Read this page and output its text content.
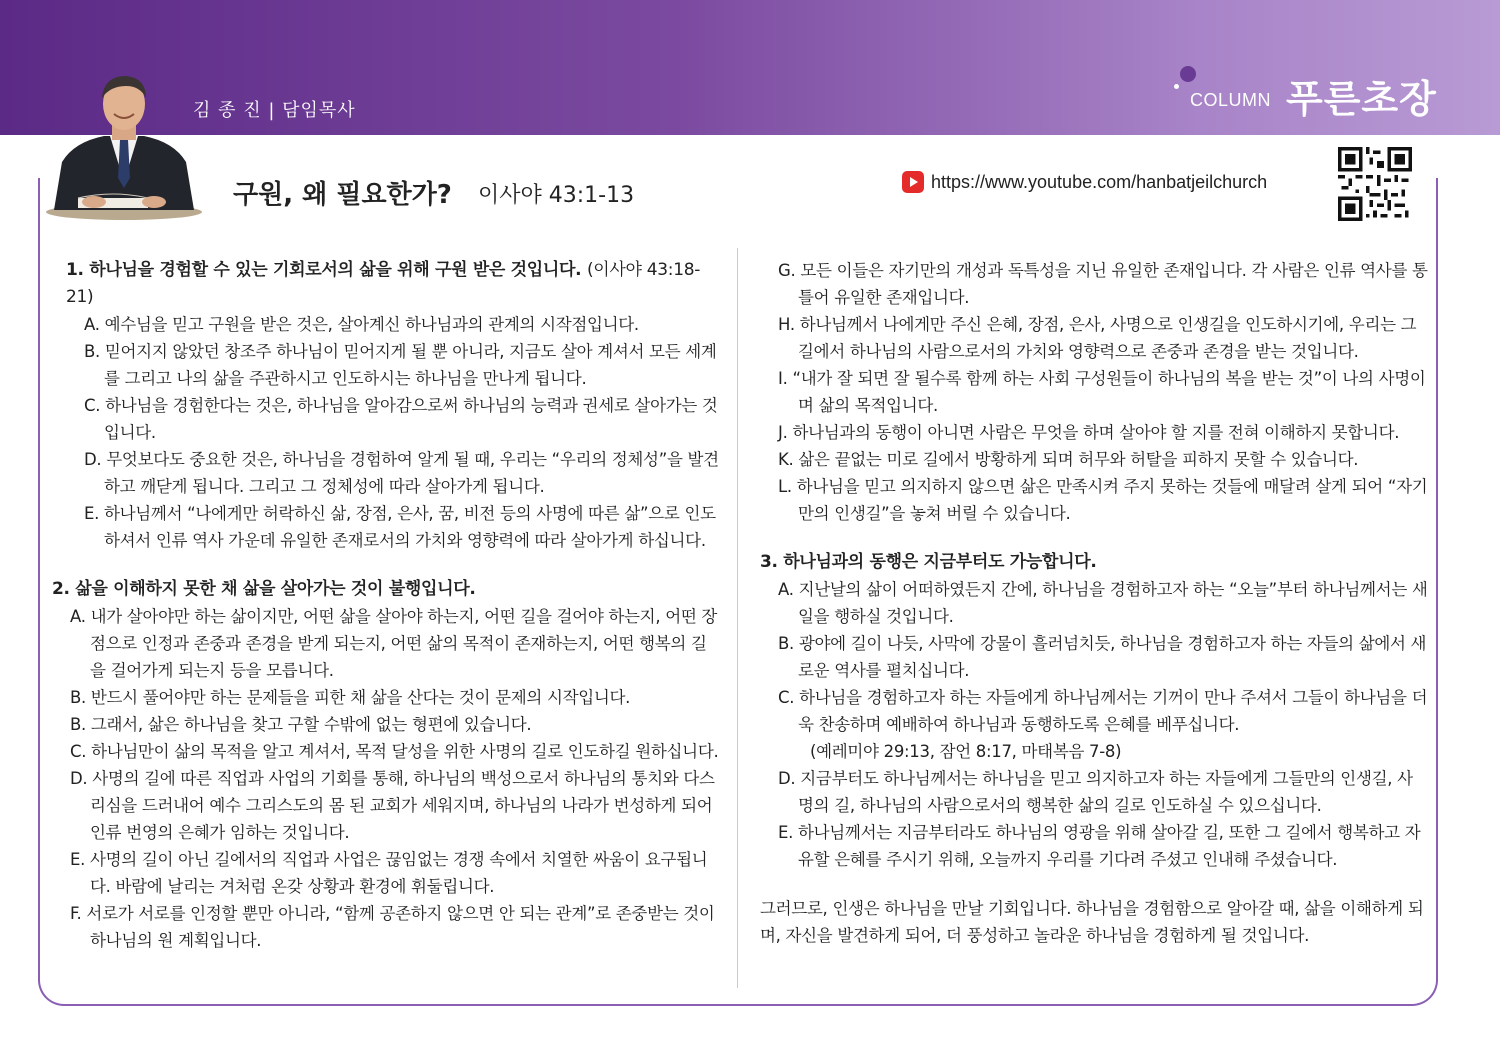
김 종 진 | 담임목사	COLUMN 푸른초장
구원, 왜 필요한가? 이사야 43:1-13
https://www.youtube.com/hanbatjeilchurch
1. 하나님을 경험할 수 있는 기회로서의 삶을 위해 구원 받은 것입니다. (이사야 43:18-21)
A. 예수님을 믿고 구원을 받은 것은, 살아계신 하나님과의 관계의 시작점입니다.
B. 믿어지지 않았던 창조주 하나님이 믿어지게 될 뿐 아니라, 지금도 살아 계셔서 모든 세계를 그리고 나의 삶을 주관하시고 인도하시는 하나님을 만나게 됩니다.
C. 하나님을 경험한다는 것은, 하나님을 알아감으로써 하나님의 능력과 권세로 살아가는 것입니다.
D. 무엇보다도 중요한 것은, 하나님을 경험하여 알게 될 때, 우리는 “우리의 정체성”을 발견하고 깨닫게 됩니다. 그리고 그 정체성에 따라 살아가게 됩니다.
E. 하나님께서 “나에게만 허락하신 삶, 장점, 은사, 꿈, 비전 등의 사명에 따른 삶”으로 인도하셔서 인류 역사 가운데 유일한 존재로서의 가치와 영향력에 따라 살아가게 하십니다.
2. 삶을 이해하지 못한 채 삶을 살아가는 것이 불행입니다.
A. 내가 살아야만 하는 삶이지만, 어떤 삶을 살아야 하는지, 어떤 길을 걸어야 하는지, 어떤 장점으로 인정과 존중과 존경을 받게 되는지, 어떤 삶의 목적이 존재하는지, 어떤 행복의 길을 걸어가게 되는지 등을 모릅니다.
B. 반드시 풀어야만 하는 문제들을 피한 채 삶을 산다는 것이 문제의 시작입니다.
B. 그래서, 삶은 하나님을 찾고 구할 수밖에 없는 형편에 있습니다.
C. 하나님만이 삶의 목적을 알고 계셔서, 목적 달성을 위한 사명의 길로 인도하길 원하십니다.
D. 사명의 길에 따른 직업과 사업의 기회를 통해, 하나님의 백성으로서 하나님의 통치와 다스리심을 드러내어 예수 그리스도의 몸 된 교회가 세워지며, 하나님의 나라가 번성하게 되어 인류 번영의 은혜가 임하는 것입니다.
E. 사명의 길이 아닌 길에서의 직업과 사업은 끊임없는 경쟁 속에서 치열한 싸움이 요구됩니다. 바람에 날리는 겨처럼 온갖 상황과 환경에 휘둘립니다.
F. 서로가 서로를 인정할 뿐만 아니라, “함께 공존하지 않으면 안 되는 관계”로 존중받는 것이 하나님의 원 계획입니다.
G. 모든 이들은 자기만의 개성과 독특성을 지닌 유일한 존재입니다. 각 사람은 인류 역사를 통틀어 유일한 존재입니다.
H. 하나님께서 나에게만 주신 은혜, 장점, 은사, 사명으로 인생길을 인도하시기에, 우리는 그 길에서 하나님의 사람으로서의 가치와 영향력으로 존중과 존경을 받는 것입니다.
I. “내가 잘 되면 잘 될수록 함께 하는 사회 구성원들이 하나님의 복을 받는 것”이 나의 사명이며 삶의 목적입니다.
J. 하나님과의 동행이 아니면 사람은 무엇을 하며 살아야 할 지를 전혀 이해하지 못합니다.
K. 삶은 끝없는 미로 길에서 방황하게 되며 허무와 허탈을 피하지 못할 수 있습니다.
L. 하나님을 믿고 의지하지 않으면 삶은 만족시켜 주지 못하는 것들에 매달려 살게 되어 “자기만의 인생길”을 놓쳐 버릴 수 있습니다.
3. 하나님과의 동행은 지금부터도 가능합니다.
A. 지난날의 삶이 어떠하였든지 간에, 하나님을 경험하고자 하는 “오늘”부터 하나님께서는 새 일을 행하실 것입니다.
B. 광야에 길이 나듯, 사막에 강물이 흘러넘치듯, 하나님을 경험하고자 하는 자들의 삶에서 새로운 역사를 펼치십니다.
C. 하나님을 경험하고자 하는 자들에게 하나님께서는 기꺼이 만나 주셔서 그들이 하나님을 더욱 찬송하며 예배하여 하나님과 동행하도록 은혜를 베푸십니다.
(예레미야 29:13, 잠언 8:17, 마태복음 7-8)
D. 지금부터도 하나님께서는 하나님을 믿고 의지하고자 하는 자들에게 그들만의 인생길, 사명의 길, 하나님의 사람으로서의 행복한 삶의 길로 인도하실 수 있으십니다.
E. 하나님께서는 지금부터라도 하나님의 영광을 위해 살아갈 길, 또한 그 길에서 행복하고 자유할 은혜를 주시기 위해, 오늘까지 우리를 기다려 주셨고 인내해 주셨습니다.
그러므로, 인생은 하나님을 만날 기회입니다. 하나님을 경험함으로 알아갈 때, 삶을 이해하게 되며, 자신을 발견하게 되어, 더 풍성하고 놀라운 하나님을 경험하게 될 것입니다.
